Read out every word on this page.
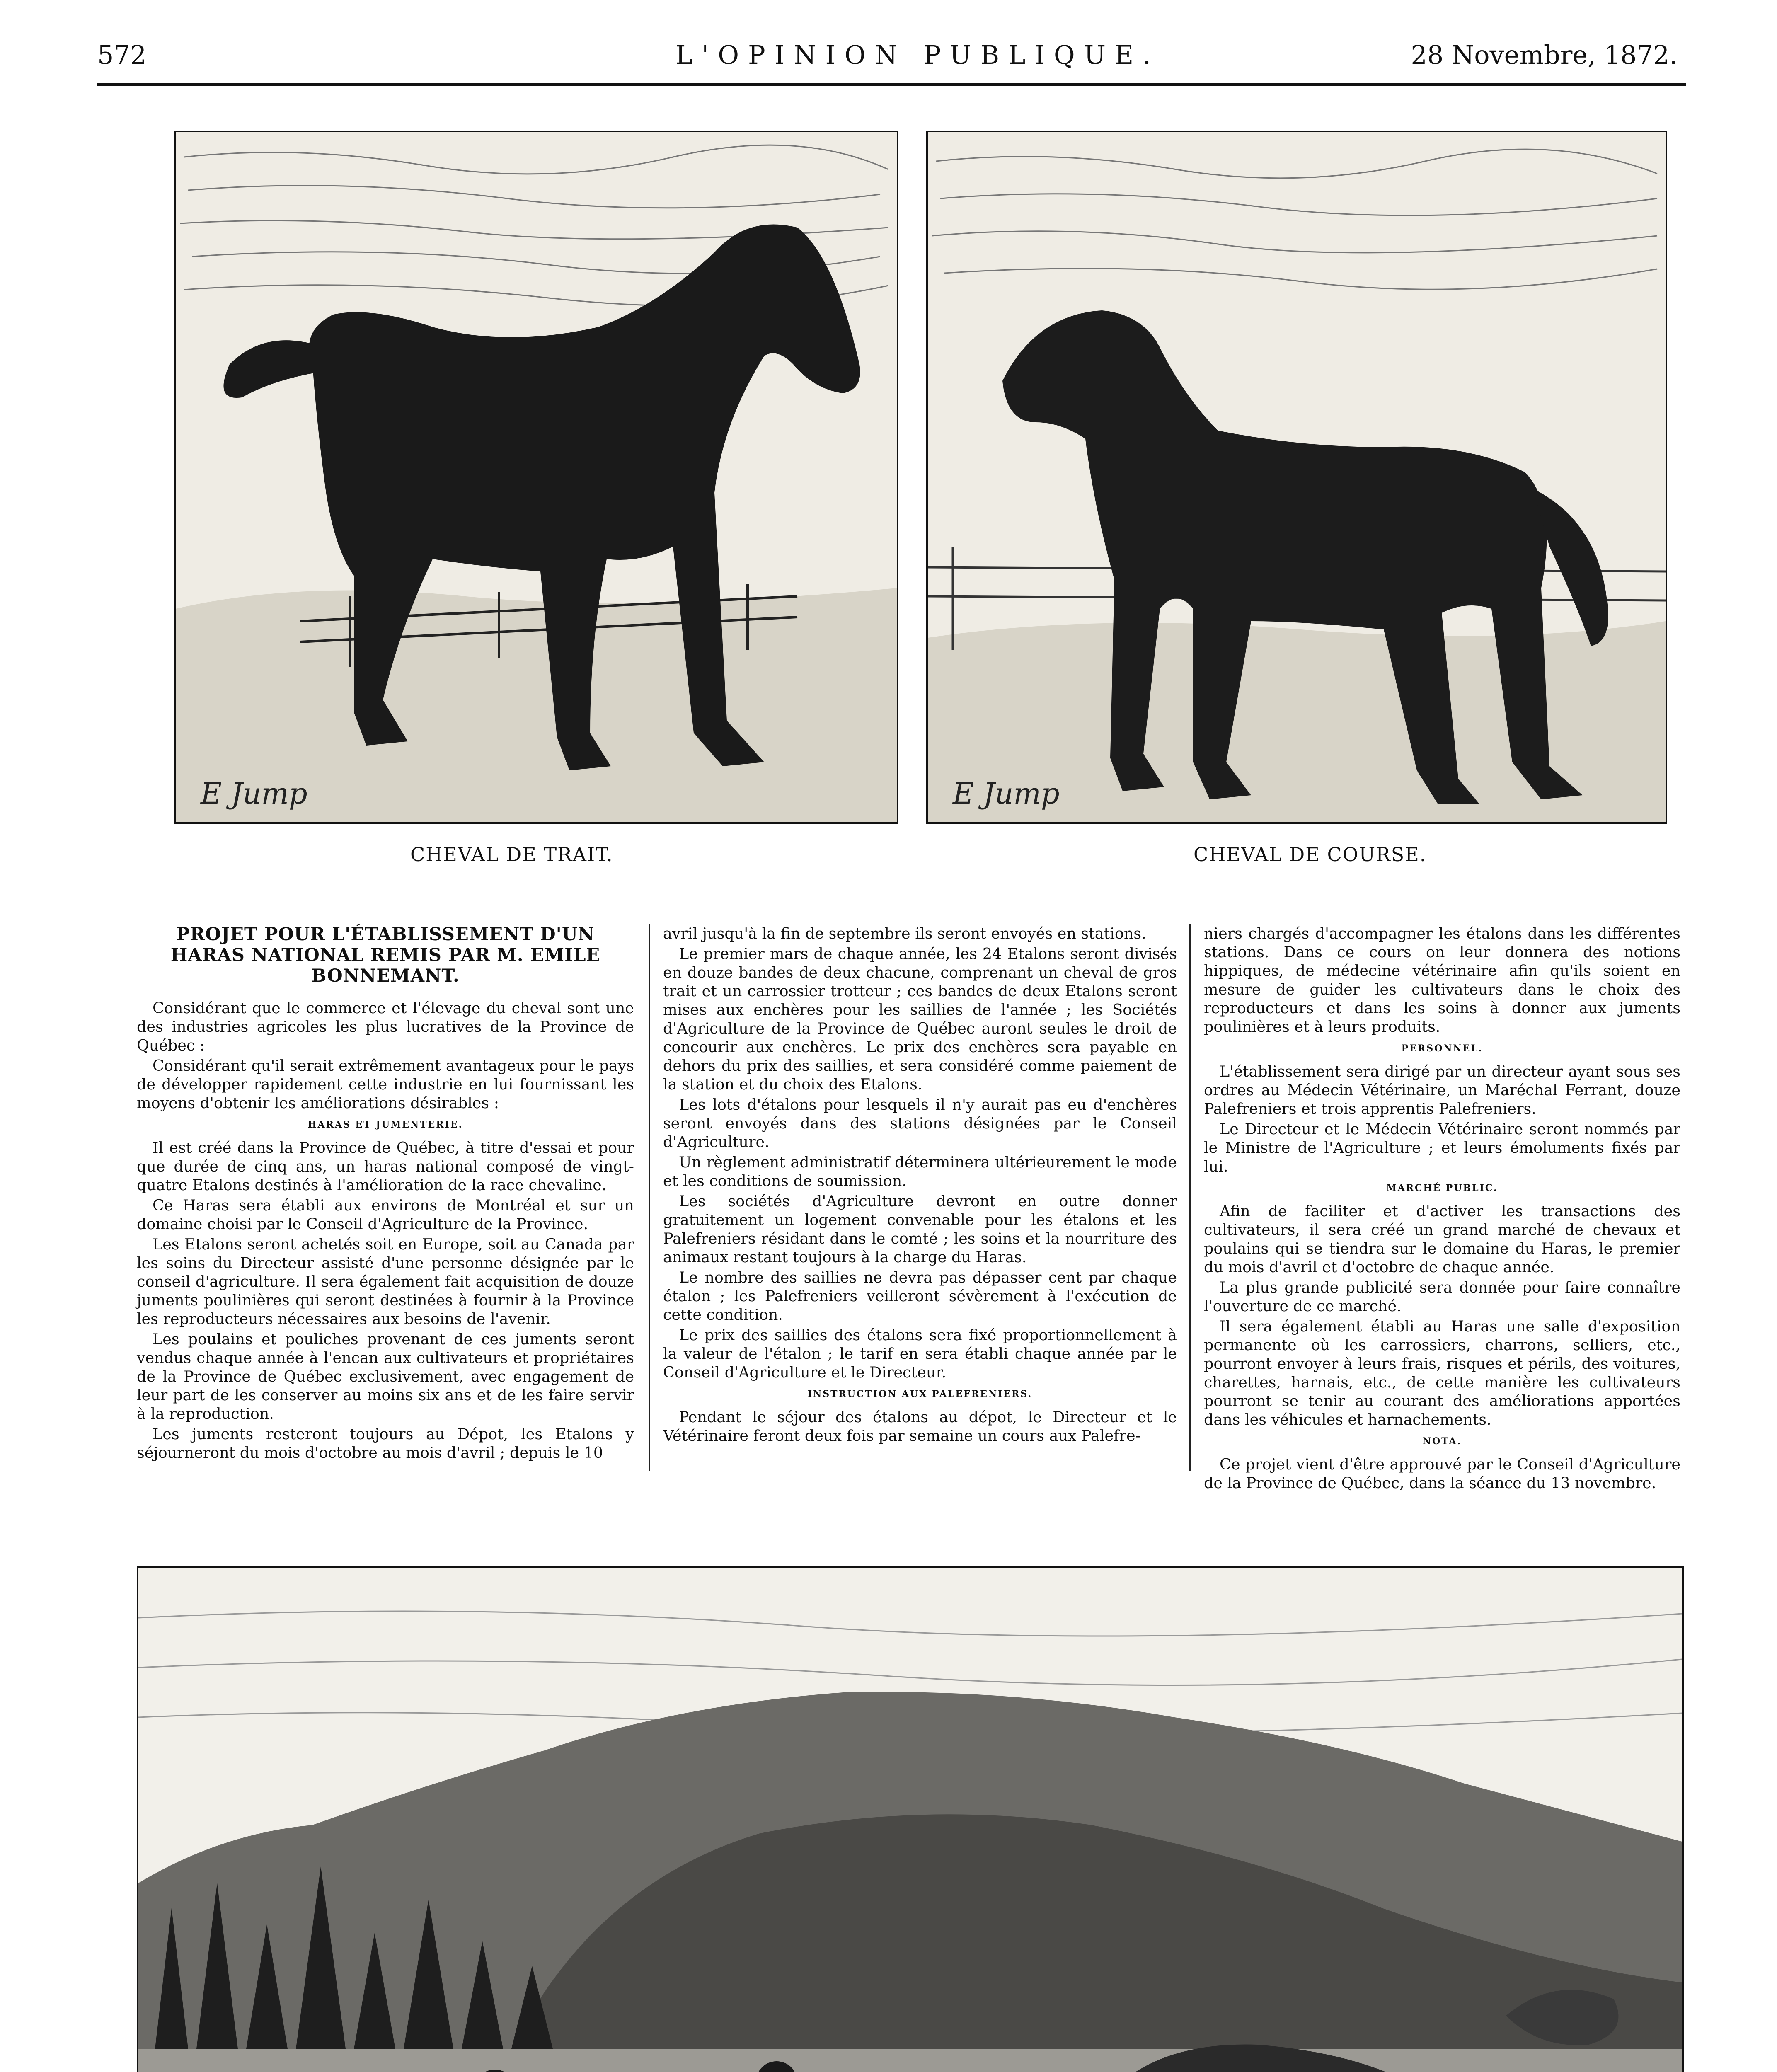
572	L'OPINION PUBLIQUE.	28 Novembre, 1872.
E Jump
CHEVAL DE TRAIT.
E Jump
CHEVAL DE COURSE.
PROJET POUR L'ÉTABLISSEMENT D'UN HARAS NATIONAL REMIS PAR M. EMILE BONNEMANT.

Considérant que le commerce et l'élevage du cheval sont une des industries agricoles les plus lucratives de la Province de Québec :

Considérant qu'il serait extrêmement avantageux pour le pays de développer rapidement cette industrie en lui fournissant les moyens d'obtenir les améliorations désirables :

HARAS ET JUMENTERIE.

Il est créé dans la Province de Québec, à titre d'essai et pour que durée de cinq ans, un haras national composé de vingt-quatre Etalons destinés à l'amélioration de la race chevaline.

Ce Haras sera établi aux environs de Montréal et sur un domaine choisi par le Conseil d'Agriculture de la Province.

Les Etalons seront achetés soit en Europe, soit au Canada par les soins du Directeur assisté d'une personne désignée par le conseil d'agriculture. Il sera également fait acquisition de douze juments poulinières qui seront destinées à fournir à la Province les reproducteurs nécessaires aux besoins de l'avenir.

Les poulains et pouliches provenant de ces juments seront vendus chaque année à l'encan aux cultivateurs et propriétaires de la Province de Québec exclusivement, avec engagement de leur part de les conserver au moins six ans et de les faire servir à la reproduction.

Les juments resteront toujours au Dépot, les Etalons y séjourneront du mois d'octobre au mois d'avril ; depuis le 10

avril jusqu'à la fin de septembre ils seront envoyés en stations.

Le premier mars de chaque année, les 24 Etalons seront divisés en douze bandes de deux chacune, comprenant un cheval de gros trait et un carrossier trotteur ; ces bandes de deux Etalons seront mises aux enchères pour les saillies de l'année ; les Sociétés d'Agriculture de la Province de Québec auront seules le droit de concourir aux enchères. Le prix des enchères sera payable en dehors du prix des saillies, et sera considéré comme paiement de la station et du choix des Etalons.

Les lots d'étalons pour lesquels il n'y aurait pas eu d'enchères seront envoyés dans des stations désignées par le Conseil d'Agriculture.

Un règlement administratif déterminera ultérieurement le mode et les conditions de soumission.

Les sociétés d'Agriculture devront en outre donner gratuitement un logement convenable pour les étalons et les Palefreniers résidant dans le comté ; les soins et la nourriture des animaux restant toujours à la charge du Haras.

Le nombre des saillies ne devra pas dépasser cent par chaque étalon ; les Palefreniers veilleront sévèrement à l'exécution de cette condition.

Le prix des saillies des étalons sera fixé proportionnellement à la valeur de l'étalon ; le tarif en sera établi chaque année par le Conseil d'Agriculture et le Directeur.

INSTRUCTION AUX PALEFRENIERS.

Pendant le séjour des étalons au dépot, le Directeur et le Vétérinaire feront deux fois par semaine un cours aux Palefre-

niers chargés d'accompagner les étalons dans les différentes stations. Dans ce cours on leur donnera des notions hippiques, de médecine vétérinaire afin qu'ils soient en mesure de guider les cultivateurs dans le choix des reproducteurs et dans les soins à donner aux juments poulinières et à leurs produits.

PERSONNEL.

L'établissement sera dirigé par un directeur ayant sous ses ordres au Médecin Vétérinaire, un Maréchal Ferrant, douze Palefreniers et trois apprentis Palefreniers.

Le Directeur et le Médecin Vétérinaire seront nommés par le Ministre de l'Agriculture ; et leurs émoluments fixés par lui.

MARCHÉ PUBLIC.

Afin de faciliter et d'activer les transactions des cultivateurs, il sera créé un grand marché de chevaux et poulains qui se tiendra sur le domaine du Haras, le premier du mois d'avril et d'octobre de chaque année.

La plus grande publicité sera donnée pour faire connaître l'ouverture de ce marché.

Il sera également établi au Haras une salle d'exposition permanente où les carrossiers, charrons, selliers, etc., pourront envoyer à leurs frais, risques et périls, des voitures, charettes, harnais, etc., de cette manière les cultivateurs pourront se tenir au courant des améliorations apportées dans les véhicules et harnachements.

NOTA.

Ce projet vient d'être approuvé par le Conseil d'Agriculture de la Province de Québec, dans la séance du 13 novembre.
